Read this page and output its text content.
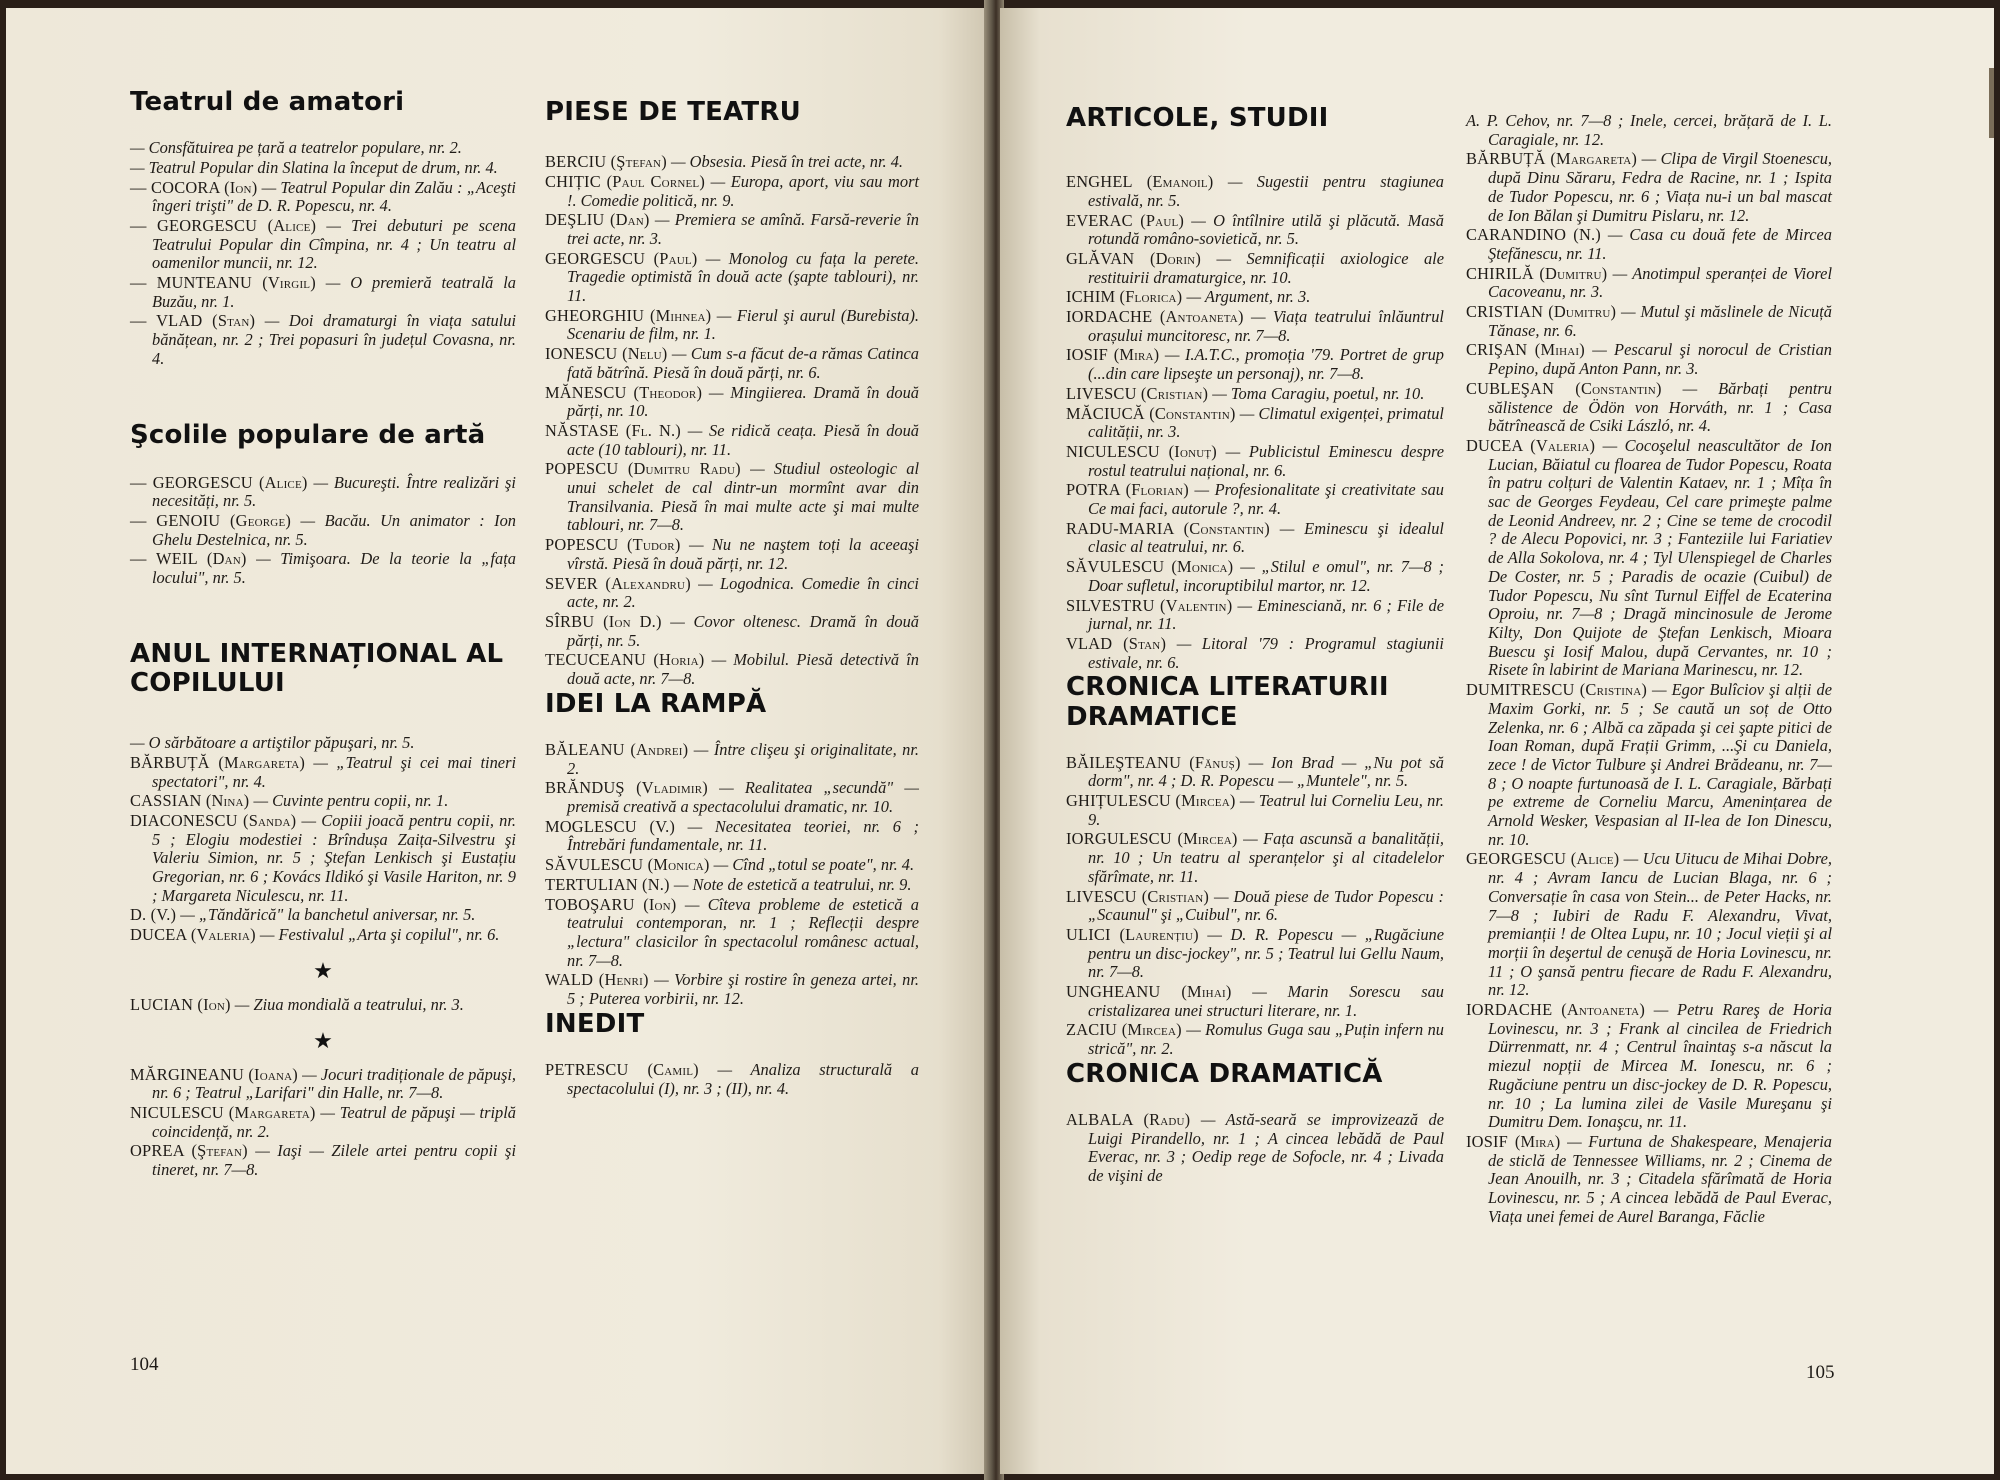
Teatrul de amatori
— Consfătuirea pe țară a teatrelor populare, nr. 2.
— Teatrul Popular din Slatina la început de drum, nr. 4.
— COCORA (Ion) — Teatrul Popular din Zalău : „Aceşti îngeri trişti" de D. R. Popescu, nr. 4.
— GEORGESCU (Alice) — Trei debuturi pe scena Teatrului Popular din Cîmpina, nr. 4 ; Un teatru al oamenilor muncii, nr. 12.
— MUNTEANU (Virgil) — O premieră teatrală la Buzău, nr. 1.
— VLAD (Stan) — Doi dramaturgi în viața satului bănățean, nr. 2 ; Trei popasuri în județul Covasna, nr. 4.
Şcolile populare de artă
— GEORGESCU (Alice) — Bucureşti. Între realizări şi necesități, nr. 5.
— GENOIU (George) — Bacău. Un animator : Ion Ghelu Destelnica, nr. 5.
— WEIL (Dan) — Timişoara. De la teorie la „fața locului", nr. 5.
ANUL INTERNAȚIONAL AL COPILULUI
— O sărbătoare a artiştilor păpuşari, nr. 5.
BĂRBUȚĂ (Margareta) — „Teatrul şi cei mai tineri spectatori", nr. 4.
CASSIAN (Nina) — Cuvinte pentru copii, nr. 1.
DIACONESCU (Sanda) — Copiii joacă pentru copii, nr. 5 ; Elogiu modestiei : Brîndușa Zaița-Silvestru şi Valeriu Simion, nr. 5 ; Ştefan Lenkisch şi Eustațiu Gregorian, nr. 6 ; Kovács Ildikó şi Vasile Hariton, nr. 9 ; Margareta Niculescu, nr. 11.
D. (V.) — „Tăndărică" la banchetul aniversar, nr. 5.
DUCEA (Valeria) — Festivalul „Arta şi copilul", nr. 6.
★
LUCIAN (Ion) — Ziua mondială a teatrului, nr. 3.
★
MĂRGINEANU (Ioana) — Jocuri tradiționale de păpuşi, nr. 6 ; Teatrul „Larifari" din Halle, nr. 7—8.
NICULESCU (Margareta) — Teatrul de păpuşi — triplă coincidență, nr. 2.
OPREA (Ştefan) — Iaşi — Zilele artei pentru copii şi tineret, nr. 7—8.
PIESE DE TEATRU
BERCIU (Ştefan) — Obsesia. Piesă în trei acte, nr. 4.
CHIȚIC (Paul Cornel) — Europa, aport, viu sau mort !. Comedie politică, nr. 9.
DEŞLIU (Dan) — Premiera se amînă. Farsă-reverie în trei acte, nr. 3.
GEORGESCU (Paul) — Monolog cu fața la perete. Tragedie optimistă în două acte (şapte tablouri), nr. 11.
GHEORGHIU (Mihnea) — Fierul şi aurul (Burebista). Scenariu de film, nr. 1.
IONESCU (Nelu) — Cum s-a făcut de-a rămas Catinca fată bătrînă. Piesă în două părți, nr. 6.
MĂNESCU (Theodor) — Mingiierea. Dramă în două părți, nr. 10.
NĂSTASE (Fl. N.) — Se ridică ceața. Piesă în două acte (10 tablouri), nr. 11.
POPESCU (Dumitru Radu) — Studiul osteologic al unui schelet de cal dintr-un mormînt avar din Transilvania. Piesă în mai multe acte şi mai multe tablouri, nr. 7—8.
POPESCU (Tudor) — Nu ne naştem toți la aceeaşi vîrstă. Piesă în două părți, nr. 12.
SEVER (Alexandru) — Logodnica. Comedie în cinci acte, nr. 2.
SÎRBU (Ion D.) — Covor oltenesc. Dramă în două părți, nr. 5.
TECUCEANU (Horia) — Mobilul. Piesă detectivă în două acte, nr. 7—8.
IDEI LA RAMPĂ
BĂLEANU (Andrei) — Între clişeu şi originalitate, nr. 2.
BRĂNDUŞ (Vladimir) — Realitatea „secundă" — premisă creativă a spectacolului dramatic, nr. 10.
MOGLESCU (V.) — Necesitatea teoriei, nr. 6 ; Întrebări fundamentale, nr. 11.
SĂVULESCU (Monica) — Cînd „totul se poate", nr. 4.
TERTULIAN (N.) — Note de estetică a teatrului, nr. 9.
TOBOŞARU (Ion) — Cîteva probleme de estetică a teatrului contemporan, nr. 1 ; Reflecții despre „lectura" clasicilor în spectacolul românesc actual, nr. 7—8.
WALD (Henri) — Vorbire şi rostire în geneza artei, nr. 5 ; Puterea vorbirii, nr. 12.
INEDIT
PETRESCU (Camil) — Analiza structurală a spectacolului (I), nr. 3 ; (II), nr. 4.
104
ARTICOLE, STUDII
ENGHEL (Emanoil) — Sugestii pentru stagiunea estivală, nr. 5.
EVERAC (Paul) — O întîlnire utilă şi plăcută. Masă rotundă româno-sovietică, nr. 5.
GLĂVAN (Dorin) — Semnificații axiologice ale restituirii dramaturgice, nr. 10.
ICHIM (Florica) — Argument, nr. 3.
IORDACHE (Antoaneta) — Viața teatrului înlăuntrul orașului muncitoresc, nr. 7—8.
IOSIF (Mira) — I.A.T.C., promoția '79. Portret de grup (...din care lipseşte un personaj), nr. 7—8.
LIVESCU (Cristian) — Toma Caragiu, poetul, nr. 10.
MĂCIUCĂ (Constantin) — Climatul exigenței, primatul calității, nr. 3.
NICULESCU (Ionuț) — Publicistul Eminescu despre rostul teatrului național, nr. 6.
POTRA (Florian) — Profesionalitate şi creativitate sau Ce mai faci, autorule ?, nr. 4.
RADU-MARIA (Constantin) — Eminescu şi idealul clasic al teatrului, nr. 6.
SĂVULESCU (Monica) — „Stilul e omul", nr. 7—8 ; Doar sufletul, incoruptibilul martor, nr. 12.
SILVESTRU (Valentin) — Eminesciană, nr. 6 ; File de jurnal, nr. 11.
VLAD (Stan) — Litoral '79 : Programul stagiunii estivale, nr. 6.
CRONICA LITERATURII DRAMATICE
BĂILEŞTEANU (Fănuș) — Ion Brad — „Nu pot să dorm", nr. 4 ; D. R. Popescu — „Muntele", nr. 5.
GHIȚULESCU (Mircea) — Teatrul lui Corneliu Leu, nr. 9.
IORGULESCU (Mircea) — Fața ascunsă a banalității, nr. 10 ; Un teatru al speranțelor şi al citadelelor sfărîmate, nr. 11.
LIVESCU (Cristian) — Două piese de Tudor Popescu : „Scaunul" şi „Cuibul", nr. 6.
ULICI (Laurențiu) — D. R. Popescu — „Rugăciune pentru un disc-jockey", nr. 5 ; Teatrul lui Gellu Naum, nr. 7—8.
UNGHEANU (Mihai) — Marin Sorescu sau cristalizarea unei structuri literare, nr. 1.
ZACIU (Mircea) — Romulus Guga sau „Puțin infern nu strică", nr. 2.
CRONICA DRAMATICĂ
ALBALA (Radu) — Astă-seară se improvizează de Luigi Pirandello, nr. 1 ; A cincea lebădă de Paul Everac, nr. 3 ; Oedip rege de Sofocle, nr. 4 ; Livada de vişini de
A. P. Cehov, nr. 7—8 ; Inele, cercei, brățară de I. L. Caragiale, nr. 12.
BĂRBUȚĂ (Margareta) — Clipa de Virgil Stoenescu, după Dinu Săraru, Fedra de Racine, nr. 1 ; Ispita de Tudor Popescu, nr. 6 ; Viața nu-i un bal mascat de Ion Bălan şi Dumitru Pislaru, nr. 12.
CARANDINO (N.) — Casa cu două fete de Mircea Ştefănescu, nr. 11.
CHIRILĂ (Dumitru) — Anotimpul speranței de Viorel Cacoveanu, nr. 3.
CRISTIAN (Dumitru) — Mutul şi măslinele de Nicuță Tănase, nr. 6.
CRIŞAN (Mihai) — Pescarul şi norocul de Cristian Pepino, după Anton Pann, nr. 3.
CUBLEŞAN (Constantin) — Bărbați pentru sălistence de Ödön von Horváth, nr. 1 ; Casa bătrînească de Csiki László, nr. 4.
DUCEA (Valeria) — Cocoşelul neascultător de Ion Lucian, Băiatul cu floarea de Tudor Popescu, Roata în patru colțuri de Valentin Kataev, nr. 1 ; Mîța în sac de Georges Feydeau, Cel care primeşte palme de Leonid Andreev, nr. 2 ; Cine se teme de crocodil ? de Alecu Popovici, nr. 3 ; Fanteziile lui Fariatiev de Alla Sokolova, nr. 4 ; Tyl Ulenspiegel de Charles De Coster, nr. 5 ; Paradis de ocazie (Cuibul) de Tudor Popescu, Nu sînt Turnul Eiffel de Ecaterina Oproiu, nr. 7—8 ; Dragă mincinosule de Jerome Kilty, Don Quijote de Ştefan Lenkisch, Mioara Buescu şi Iosif Malou, după Cervantes, nr. 10 ; Risete în labirint de Mariana Marinescu, nr. 12.
DUMITRESCU (Cristina) — Egor Bulîciov şi alții de Maxim Gorki, nr. 5 ; Se caută un soț de Otto Zelenka, nr. 6 ; Albă ca zăpada şi cei şapte pitici de Ioan Roman, după Frații Grimm, ...Şi cu Daniela, zece ! de Victor Tulbure şi Andrei Brădeanu, nr. 7—8 ; O noapte furtunoasă de I. L. Caragiale, Bărbați pe extreme de Corneliu Marcu, Amenințarea de Arnold Wesker, Vespasian al II-lea de Ion Dinescu, nr. 10.
GEORGESCU (Alice) — Ucu Uitucu de Mihai Dobre, nr. 4 ; Avram Iancu de Lucian Blaga, nr. 6 ; Conversație în casa von Stein... de Peter Hacks, nr. 7—8 ; Iubiri de Radu F. Alexandru, Vivat, premianții ! de Oltea Lupu, nr. 10 ; Jocul vieții şi al morții în deşertul de cenuşă de Horia Lovinescu, nr. 11 ; O şansă pentru fiecare de Radu F. Alexandru, nr. 12.
IORDACHE (Antoaneta) — Petru Rareş de Horia Lovinescu, nr. 3 ; Frank al cincilea de Friedrich Dürrenmatt, nr. 4 ; Centrul înaintaş s-a născut la miezul nopții de Mircea M. Ionescu, nr. 6 ; Rugăciune pentru un disc-jockey de D. R. Popescu, nr. 10 ; La lumina zilei de Vasile Mureşanu şi Dumitru Dem. Ionaşcu, nr. 11.
IOSIF (Mira) — Furtuna de Shakespeare, Menajeria de sticlă de Tennessee Williams, nr. 2 ; Cinema de Jean Anouilh, nr. 3 ; Citadela sfărîmată de Horia Lovinescu, nr. 5 ; A cincea lebădă de Paul Everac, Viața unei femei de Aurel Baranga, Făclie
105
